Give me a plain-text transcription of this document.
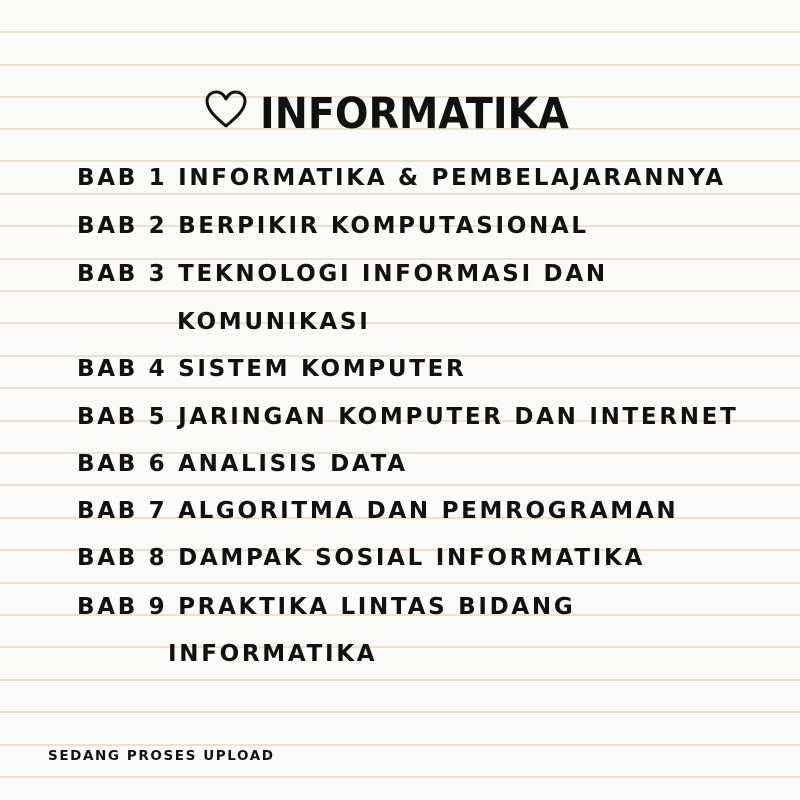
INFORMATIKA
BAB 1 INFORMATIKA & PEMBELAJARANNYA
BAB 2 BERPIKIR KOMPUTASIONAL
BAB 3 TEKNOLOGI INFORMASI DAN
KOMUNIKASI
BAB 4 SISTEM KOMPUTER
BAB 5 JARINGAN KOMPUTER DAN INTERNET
BAB 6 ANALISIS DATA
BAB 7 ALGORITMA DAN PEMROGRAMAN
BAB 8 DAMPAK SOSIAL INFORMATIKA
BAB 9 PRAKTIKA LINTAS BIDANG
INFORMATIKA
SEDANG PROSES UPLOAD
